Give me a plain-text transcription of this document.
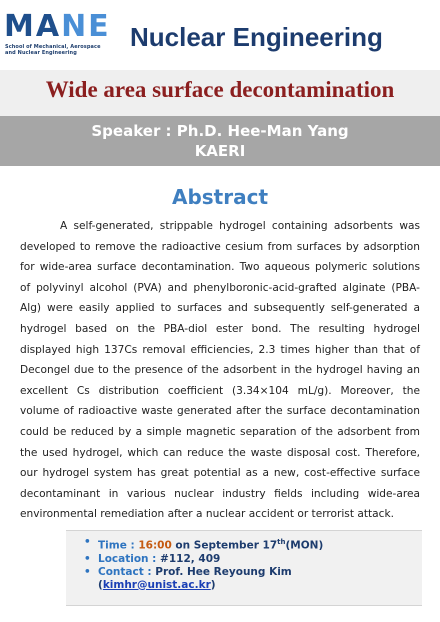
MANE
School of Mechanical, Aerospace
and Nuclear Engineering
Nuclear Engineering
Wide area surface decontamination
Speaker : Ph.D. Hee-Man Yang
KAERI
Abstract

A self-generated, strippable hydrogel containing adsorbents was developed to remove the radioactive cesium from surfaces by adsorption for wide-area surface decontamination. Two aqueous polymeric solutions of polyvinyl alcohol (PVA) and phenylboronic-acid-grafted alginate (PBA-Alg) were easily applied to surfaces and subsequently self-generated a hydrogel based on the PBA-diol ester bond. The resulting hydrogel displayed high 137Cs removal efficiencies, 2.3 times higher than that of Decongel due to the presence of the adsorbent in the hydrogel having an excellent Cs distribution coefficient (3.34×104 mL/g). Moreover, the volume of radioactive waste generated after the surface decontamination could be reduced by a simple magnetic separation of the adsorbent from the used hydrogel, which can reduce the waste disposal cost. Therefore, our hydrogel system has great potential as a new, cost-effective surface decontaminant in various nuclear industry fields including wide-area environmental remediation after a nuclear accident or terrorist attack.

• Time : 16:00 on September 17th(MON)
• Location : #112, 409
• Contact : Prof. Hee Reyoung Kim
(kimhr@unist.ac.kr)
